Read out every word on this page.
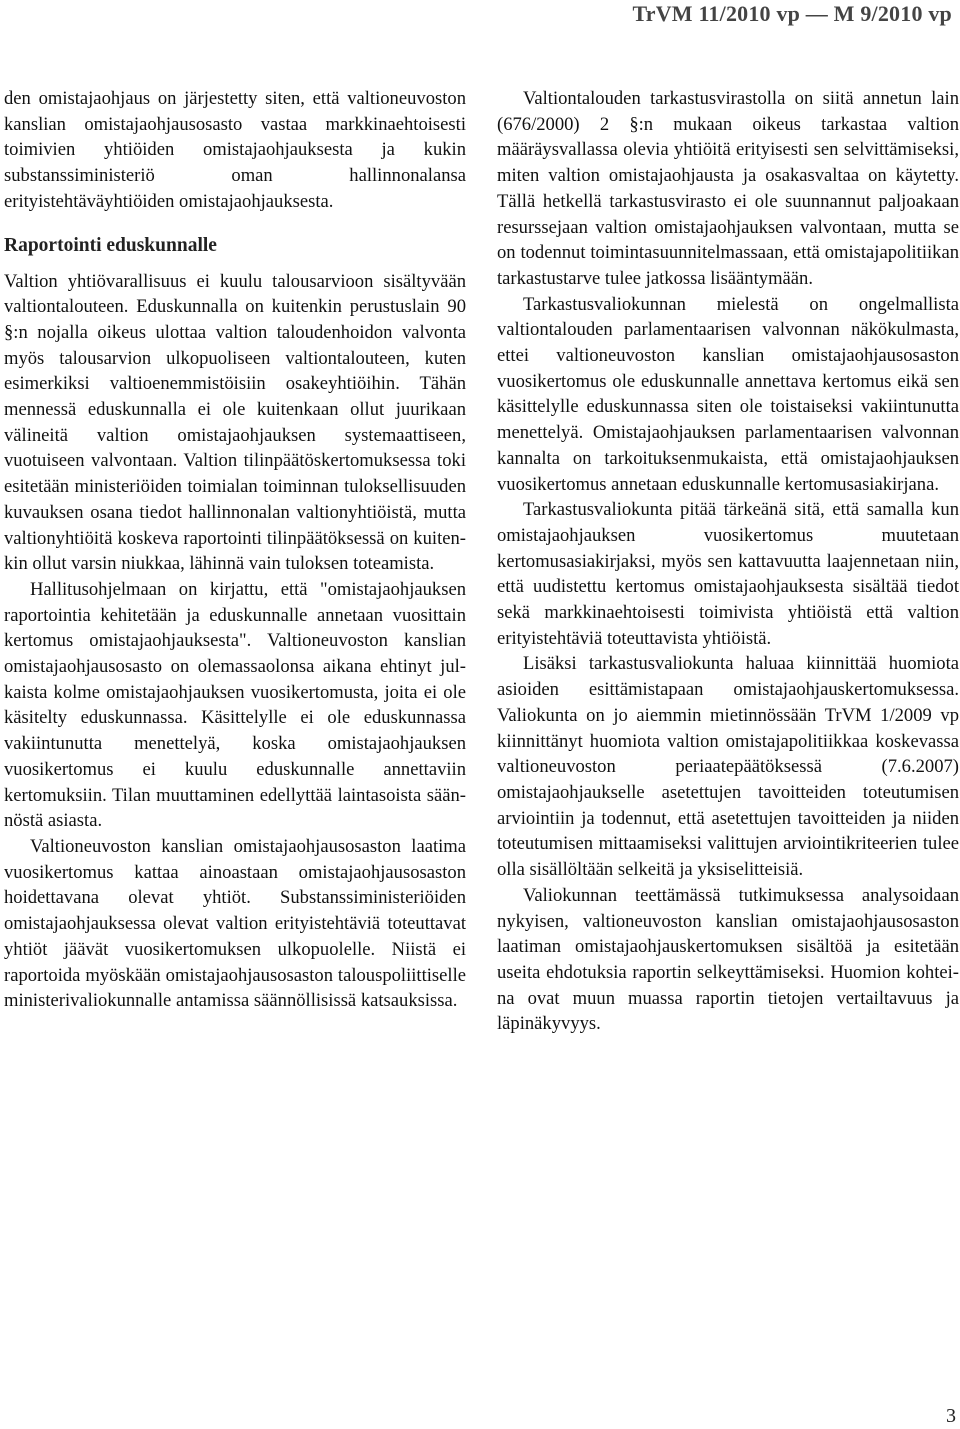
TrVM 11/2010 vp — M 9/2010 vp

den omistajaohjaus on järjestetty siten, että valtioneuvoston kanslian omistajaohjausosasto vastaa markkinaehtoisesti toimivien yhtiöiden omistajaohjauksesta ja kukin substanssiministeriö oman hallinnonalansa erityistehtäväyhtiöiden omistajaohjauksesta.

Raportointi eduskunnalle

Valtion yhtiövarallisuus ei kuulu talousarvioon sisältyvään valtiontalouteen. Eduskunnalla on kuitenkin perustuslain 90 §:n nojalla oikeus ulottaa valtion taloudenhoidon valvonta myös talousarvion ulkopuoliseen valtiontalouteen, kuten esimerkiksi valtioenemmistöisiin osakeyhtiöihin. Tähän mennessä eduskunnalla ei ole kuitenkaan ollut juurikaan välineitä valtion omistajaohjauksen systemaattiseen, vuotuiseen valvontaan. Valtion tilinpäätöskertomuksessa toki esitetään ministeriöiden toimialan toiminnan tuloksellisuuden kuvauksen osana tiedot hallinnonalan valtionyhtiöistä, mutta valtionyhtiöitä koskeva raportointi tilinpäätöksessä on kuitenkin ollut varsin niukkaa, lähinnä vain tuloksen toteamista.

Hallitusohjelmaan on kirjattu, että "omistajaohjauksen raportointia kehitetään ja eduskunnalle annetaan vuosittain kertomus omistajaohjauksesta". Valtioneuvoston kanslian omistajaohjausosasto on olemassaolonsa aikana ehtinyt julkaista kolme omistajaohjauksen vuosikertomusta, joita ei ole käsitelty eduskunnassa. Käsittelylle ei ole eduskunnassa vakiintunutta menettelyä, koska omistajaohjauksen vuosikertomus ei kuulu eduskunnalle annettaviin kertomuksiin. Tilan muuttaminen edellyttää laintasoista säännöstä asiasta.

Valtioneuvoston kanslian omistajaohjausosaston laatima vuosikertomus kattaa ainoastaan omistajaohjausosaston hoidettavana olevat yhtiöt. Substanssiministeriöiden omistajaohjauksessa olevat valtion erityistehtäviä toteuttavat yhtiöt jäävät vuosikertomuksen ulkopuolelle. Niistä ei raportoida myöskään omistajaohjausosaston talouspoliittiselle ministerivaliokunnalle antamissa säännöllisissä katsauksissa.

Valtiontalouden tarkastusvirastolla on siitä annetun lain (676/2000) 2 §:n mukaan oikeus tarkastaa valtion määräysvallassa olevia yhtiöitä erityisesti sen selvittämiseksi, miten valtion omistajaohjausta ja osakasvaltaa on käytetty. Tällä hetkellä tarkastusvirasto ei ole suunnannut paljoakaan resurssejaan valtion omistajaohjauksen valvontaan, mutta se on todennut toimintasuunnitelmassaan, että omistajapolitiikan tarkastustarve tulee jatkossa lisääntymään.

Tarkastusvaliokunnan mielestä on ongelmallista valtiontalouden parlamentaarisen valvonnan näkökulmasta, ettei valtioneuvoston kanslian omistajaohjausosaston vuosikertomus ole eduskunnalle annettava kertomus eikä sen käsittelylle eduskunnassa siten ole toistaiseksi vakiintunutta menettelyä. Omistajaohjauksen parlamentaarisen valvonnan kannalta on tarkoituksenmukaista, että omistajaohjauksen vuosikertomus annetaan eduskunnalle kertomusasiakirjana.

Tarkastusvaliokunta pitää tärkeänä sitä, että samalla kun omistajaohjauksen vuosikertomus muutetaan kertomusasiakirjaksi, myös sen kattavuutta laajennetaan niin, että uudistettu kertomus omistajaohjauksesta sisältää tiedot sekä markkinaehtoisesti toimivista yhtiöistä että valtion erityistehtäviä toteuttavista yhtiöistä.

Lisäksi tarkastusvaliokunta haluaa kiinnittää huomiota asioiden esittämistapaan omistajaohjauskertomuksessa. Valiokunta on jo aiemmin mietinnössään TrVM 1/2009 vp kiinnittänyt huomiota valtion omistajapolitiikkaa koskevassa valtioneuvoston periaatepäätöksessä (7.6.2007) omistajaohjaukselle asetettujen tavoitteiden toteutumisen arviointiin ja todennut, että asetettujen tavoitteiden ja niiden toteutumisen mittaamiseksi valittujen arviointikriteerien tulee olla sisällöltään selkeitä ja yksiselitteisiä.

Valiokunnan teettämässä tutkimuksessa analysoidaan nykyisen, valtioneuvoston kanslian omistajaohjausosaston laatiman omistajaohjauskertomuksen sisältöä ja esitetään useita ehdotuksia raportin selkeyttämiseksi. Huomion kohteina ovat muun muassa raportin tietojen vertailtavuus ja läpinäkyvyys.

3
